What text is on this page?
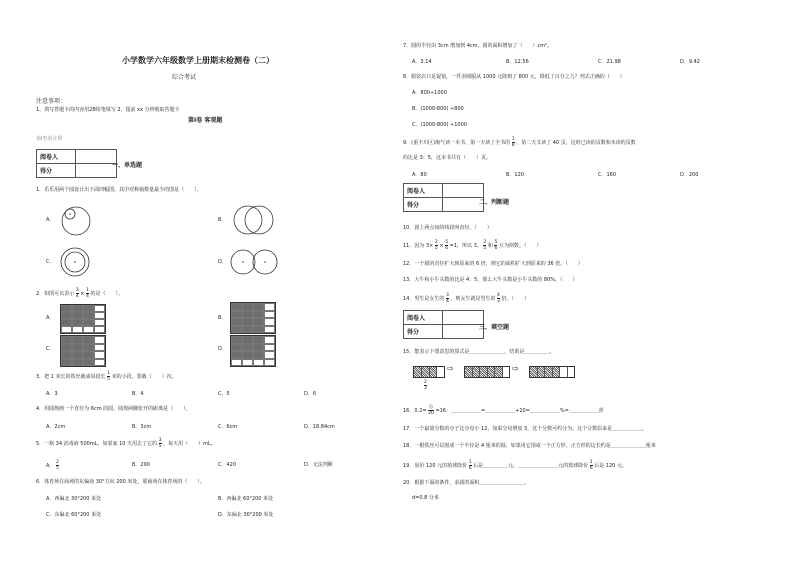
小学数学六年级数学上册期末检测卷（二）
综合考试
注意事项：
1、填写答题卡的内容用2B铅笔填写 2、提前 xx 分钟收取答题卡
第Ⅰ卷 客观题
第Ⅰ卷的注释
阅卷人	
得分	
一、单选题
1．乐乐用两个圆设计出下面四幅图，其中对称轴数量最少的图是（　　）。
A．	B．
C．	D．
2．如图可以表示 $\frac{3}{4} \times \frac{1}{4}$ 的是（　　）。
A．	B．
C．	D．
3．把 1 米长的铁丝截成每段长 $\frac{1}{5}$ 米的小段，要截（　　）次。
A．3	B．4	C．5	D．6
4．用圆规画一个直径为 6cm 的圆，圆规两脚张开的距离是（　　）。
A．2cm	B．3cm	C．6cm	D．18.84cm
5．一瓶 34 消毒液 500mL，如果家 10 天用去了它的 $\frac{3}{5}$ ，每天用（　　）mL。
A． $\frac{2}{5}$	B．200	C．420	D．无法判断
6．体育场在商场的东偏南 30°方向 200 米处，那商场在体育场的（　　）。
A．西偏北 30°200 米处	B．西偏北 60°200 米处
C．东偏北 60°200 米处	D．东偏北 30°200 米处
7．圆的半径由 3cm 增加到 4cm，圆的面积增加了（　　）cm²。
A．3.14	B．12.56	C．21.98	D．9.42
8．服装店只是促销，一件羽绒服从 1000 元降到了 800 元，降低了百分之几？列式正确的（　　）
A．800÷1000
B．(1000-800) ÷800
C．(1000-800) ÷1000
9．(重丰川区)淘气读一本书，第一天读了全书的 $\frac{1}{8}$ ，第二天又读了 40 页，这时已读的页数和未读的页数
的比是 3：5，这本书共有（　　）页。
A．80	B．120	C．160	D．200
阅卷人	
得分		二、判断题
10．圆上两点间的线段叫直径。（　　）
11．因为 $3\times \frac{2}{5} \times \frac{5}{6} =1$，所以 3、 $\frac{2}{5}$ 和 $\frac{5}{6}$ 互为倒数。（　　）
12．一个圆的直径扩大到原来的 6 倍，则它的面积扩大到原来的 36 倍。（　　）
13．大牛和小牛头数的比是 4：5，那么大牛头数是小牛头数的 80%。（　　）
14．男生是女生的 $\frac{3}{4}$ ，则女生就是男生的 $\frac{4}{3}$ 倍。（　　）
阅卷人	
得分	
三、填空题
15．能表示下图意思的算式是＿＿＿＿＿＿＿，结果是＿＿＿＿＿。
⇨	⇨
$\frac{2}{3}$
16．0.2=
()
20 =16：＿＿＿＿＿＿=＿＿＿＿＿＿+10=＿＿＿＿＿＿%=＿＿＿＿＿＿折
17．一个最简分数的分子比分母小 12，如果分母增加 3，这个分数可约分为，这个分数原来是＿＿＿＿＿＿。
18．一根铁丝可以围成一个半径是 4 厘米的圆，如果用它围成一个正方形，正方形的边长约是＿＿＿＿＿＿＿厘米
19．原价 120 元的篮球降价 $\frac{1}{6}$ 后是＿＿＿＿＿元，＿＿＿＿＿＿＿＿元的篮球降价 $\frac{1}{6}$ 后是 120 元。
20．根据下面的条件，求圆的面积＿＿＿＿＿＿＿＿＿。
d=0.8 分米
